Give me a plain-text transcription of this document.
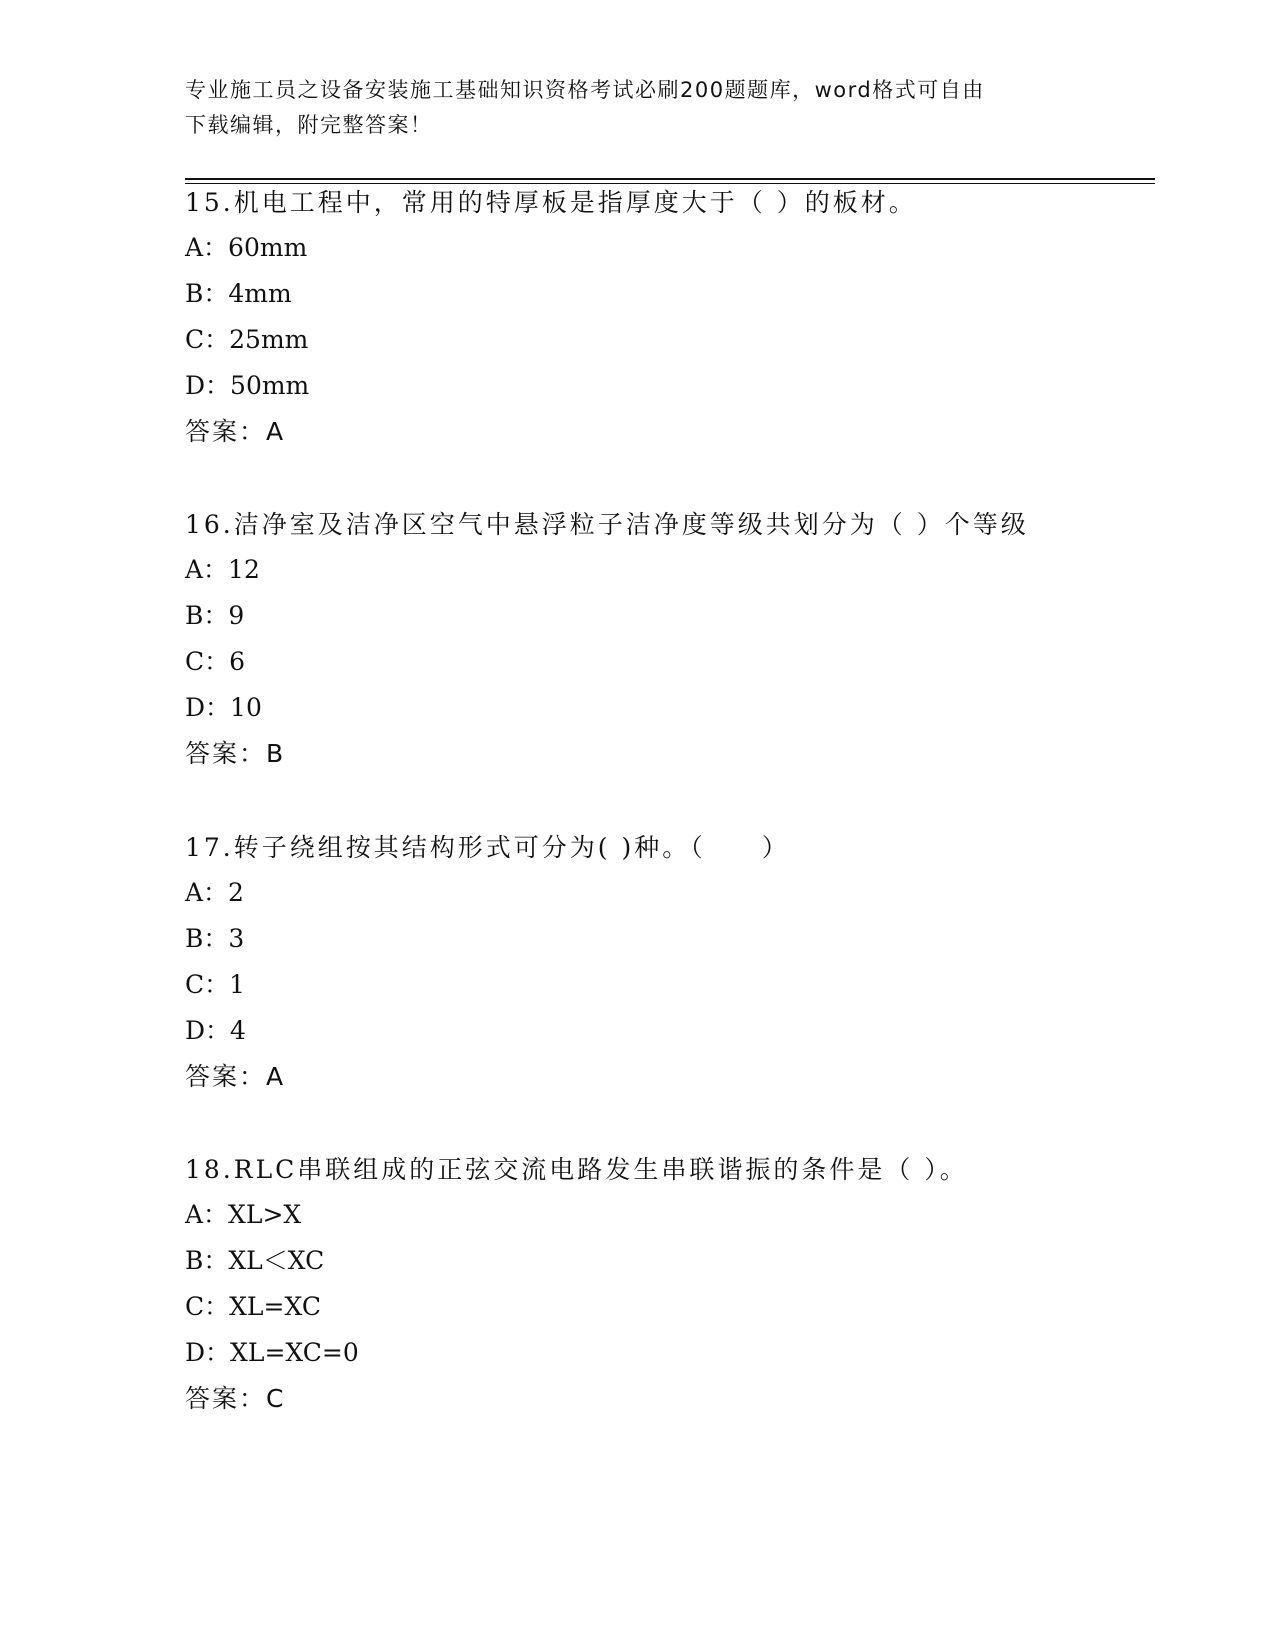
专业施工员之设备安装施工基础知识资格考试必刷200题题库，word格式可自由
下载编辑，附完整答案！
15.机电工程中，常用的特厚板是指厚度大于（ ）的板材。
A：60mm
B：4mm
C：25mm
D：50mm
答案：A
16.洁净室及洁净区空气中悬浮粒子洁净度等级共划分为（ ）个等级
A：12
B：9
C：6
D：10
答案：B
17.转子绕组按其结构形式可分为( )种。（　　）
A：2
B：3
C：1
D：4
答案：A
18.RLC串联组成的正弦交流电路发生串联谐振的条件是（ ）。
A：XL>X
B：XL＜XC
C：XL=XC
D：XL=XC=0
答案：C
